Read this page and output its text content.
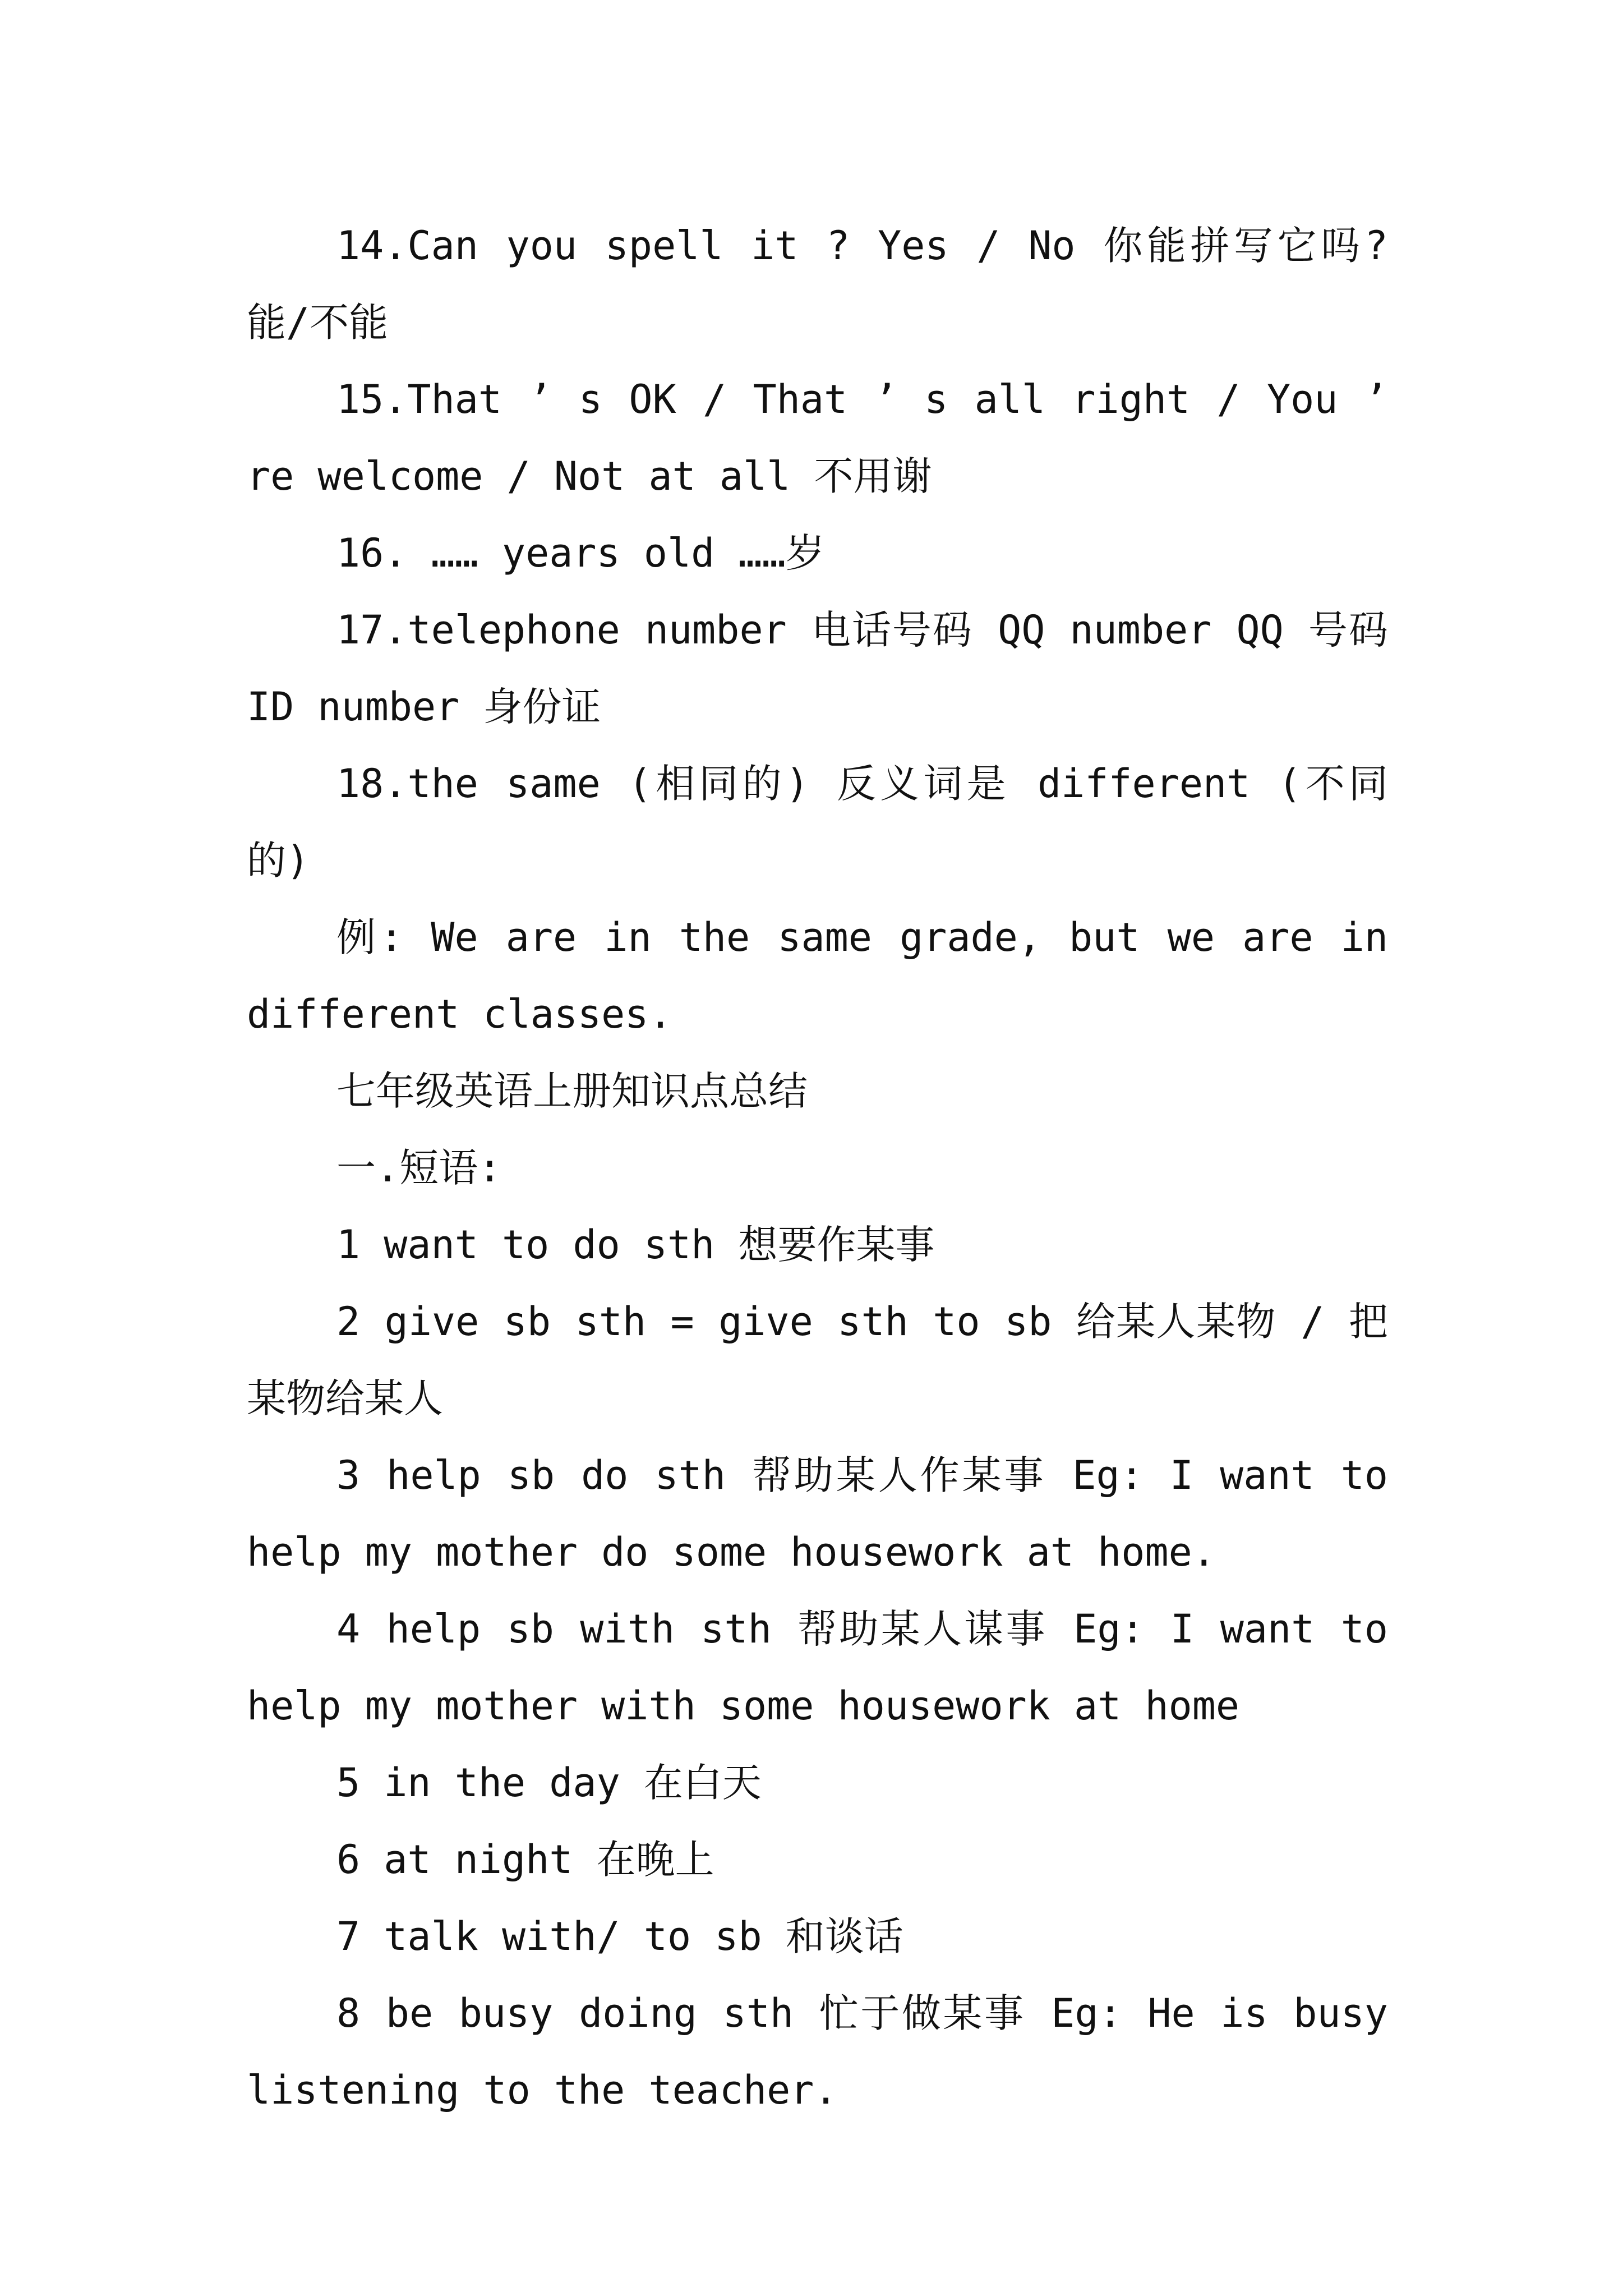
14.Can you spell it ? Yes / No 你能拼写它吗? 能/不能

15.That ’ s OK / That ’ s all right / You ’ re welcome / Not at all 不用谢

16. …… years old ……岁

17.telephone number 电话号码 QQ number QQ 号码 ID number 身份证

18.the same (相同的) 反义词是 different (不同的)

例: We are in the same grade, but we are in different classes.

七年级英语上册知识点总结

一.短语:

1 want to do sth 想要作某事

2 give sb sth = give sth to sb 给某人某物 / 把某物给某人

3 help sb do sth 帮助某人作某事 Eg: I want to help my mother do some housework at home.

4 help sb with sth 帮助某人谋事 Eg: I want to help my mother with some housework at home

5 in the day 在白天

6 at night 在晚上

7 talk with/ to sb 和谈话

8 be busy doing sth 忙于做某事 Eg: He is busy listening to the teacher.
